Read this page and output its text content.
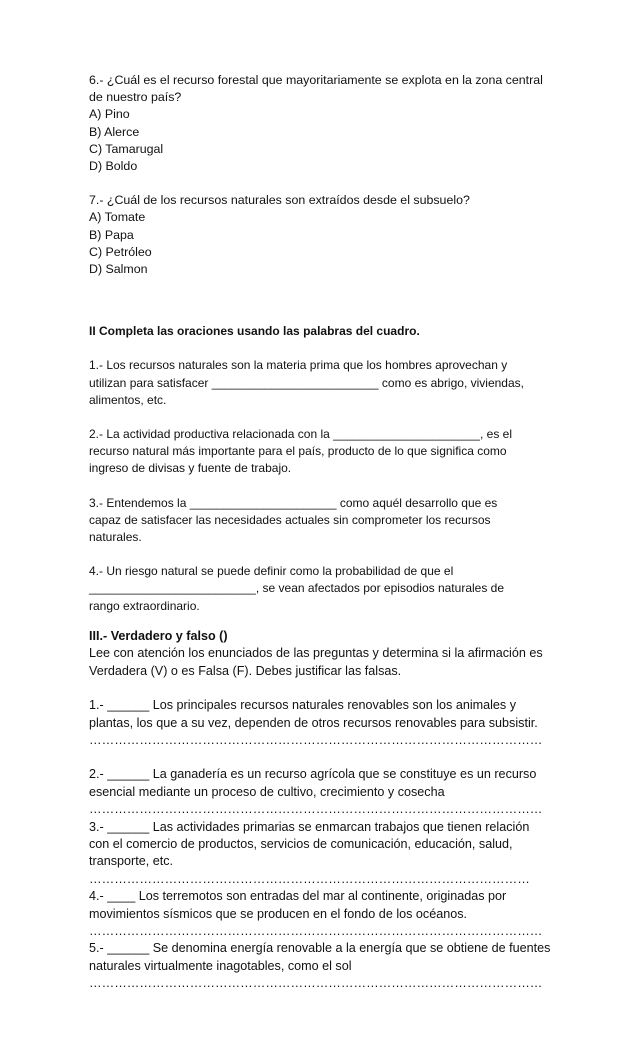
6.- ¿Cuál es el recurso forestal que mayoritariamente se explota en la zona central
de nuestro país?
A) Pino
B) Alerce
C) Tamarugal
D) Boldo
7.- ¿Cuál de los recursos naturales son extraídos desde el subsuelo?
A) Tomate
B) Papa
C) Petróleo
D) Salmon
II Completa las oraciones usando las palabras del cuadro.
1.- Los recursos naturales son la materia prima que los hombres aprovechan y
utilizan para satisfacer _________________________ como es abrigo, viviendas,
alimentos, etc.
2.- La actividad productiva relacionada con la ______________________, es el
recurso natural más importante para el país, producto de lo que significa como
ingreso de divisas y fuente de trabajo.
3.- Entendemos la ______________________ como aquél desarrollo que es
capaz de satisfacer las necesidades actuales sin comprometer los recursos
naturales.
4.- Un riesgo natural se puede definir como la probabilidad de que el
_________________________, se vean afectados por episodios naturales de
rango extraordinario.
III.- Verdadero y falso ()
Lee con atención los enunciados de las preguntas y determina si la afirmación es
Verdadera (V) o es Falsa (F). Debes justificar las falsas.
1.- ______ Los principales recursos naturales renovables son los animales y
plantas, los que a su vez, dependen de otros recursos renovables para subsistir.
………………………………………………………………………………………………
2.- ______ La ganadería es un recurso agrícola que se constituye es un recurso
esencial mediante un proceso de cultivo, crecimiento y cosecha
………………………………………………………………………………………………
3.- ______ Las actividades primarias se enmarcan trabajos que tienen relación
con el comercio de productos, servicios de comunicación, educación, salud,
transporte, etc.
……………………………………………………………………………………………
4.- ____ Los terremotos son entradas del mar al continente, originadas por
movimientos sísmicos que se producen en el fondo de los océanos.
………………………………………………………………………………………………
5.- ______ Se denomina energía renovable a la energía que se obtiene de fuentes
naturales virtualmente inagotables, como el sol
………………………………………………………………………………………………
